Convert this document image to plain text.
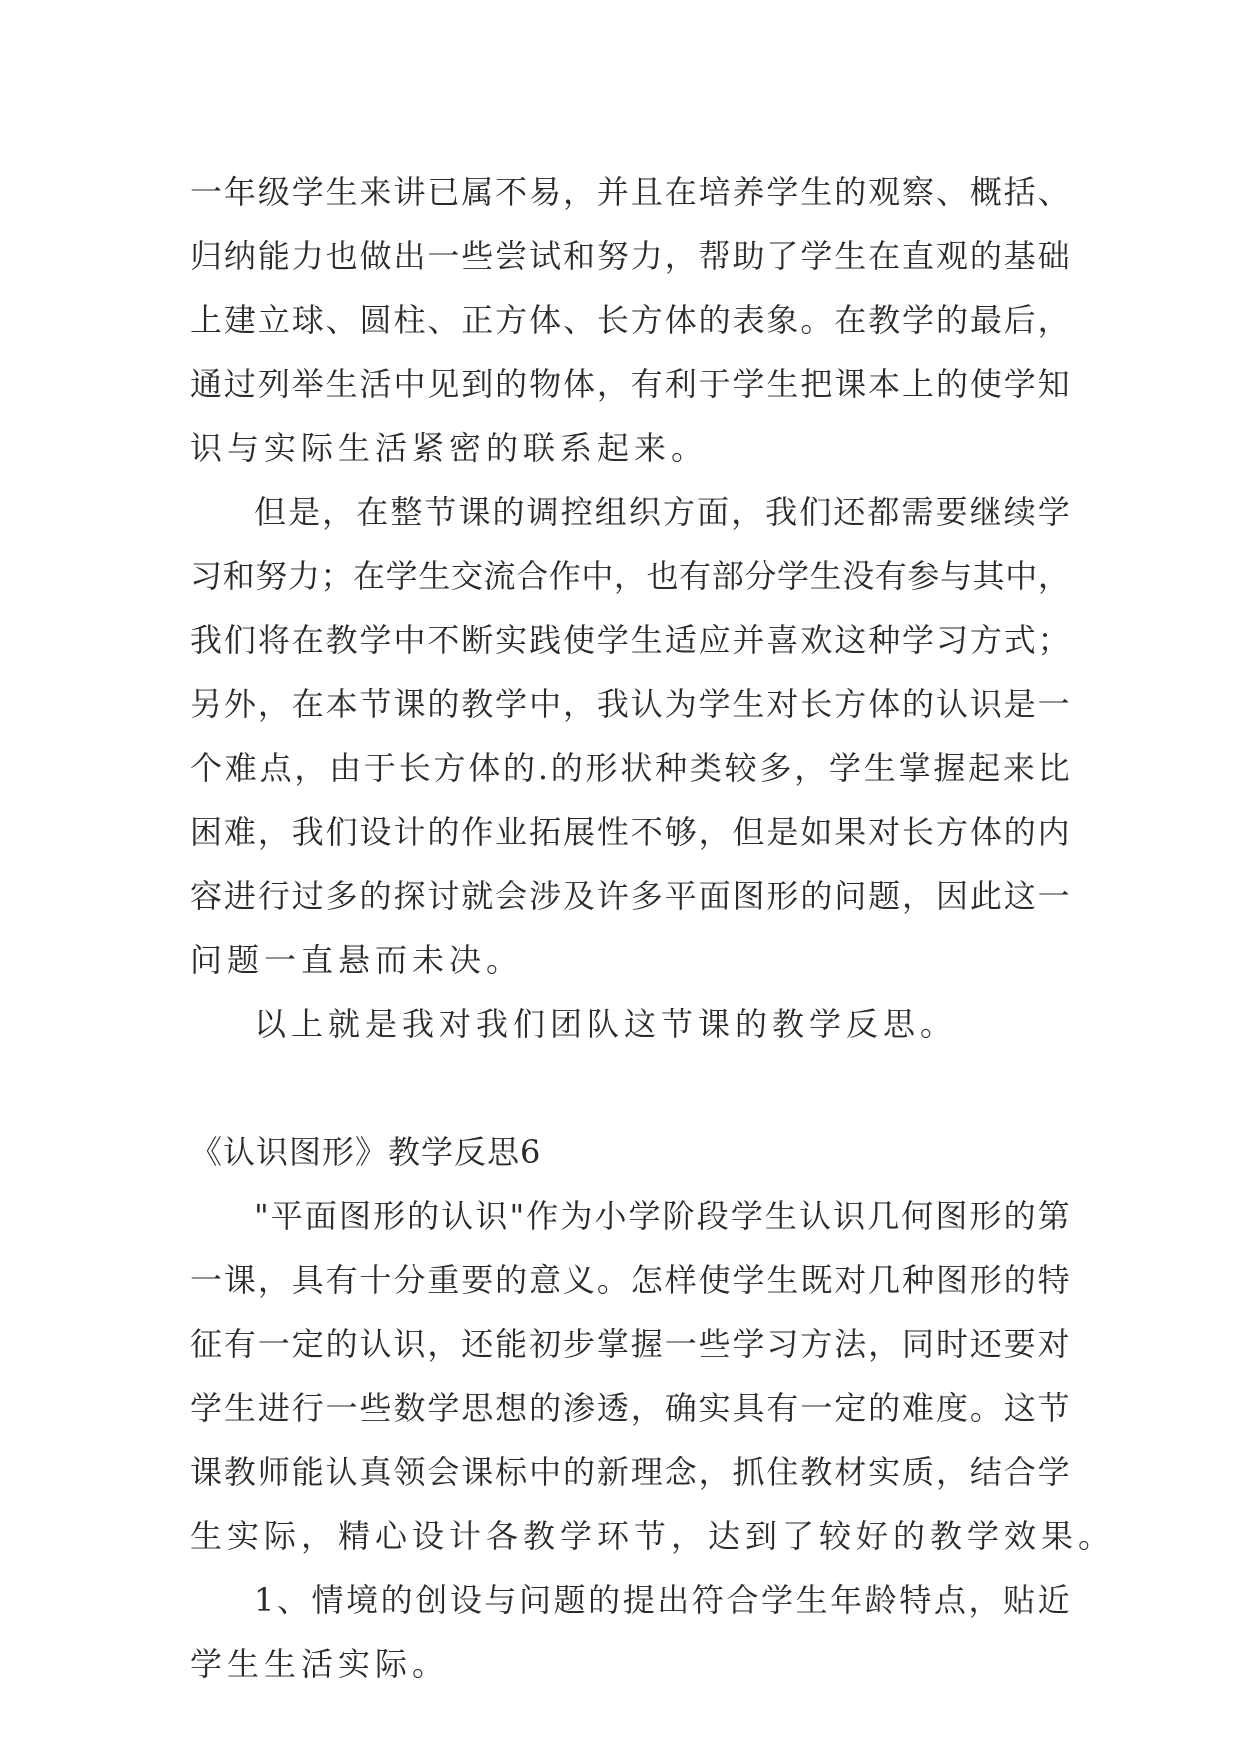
一 年 级 学 生 来 讲 已 属 不 易 ， 并 且 在 培 养 学 生 的 观 察 、 概 括 、
归 纳 能 力 也 做 出 一 些 尝 试 和 努 力 ， 帮 助 了 学 生 在 直 观 的 基 础
上 建 立 球 、 圆 柱 、 正 方 体 、 长 方 体 的 表 象 。 在 教 学 的 最 后 ，
通 过 列 举 生 活 中 见 到 的 物 体 ， 有 利 于 学 生 把 课 本 上 的 使 学 知
识与实际生活紧密的联系起来。
但 是 ， 在 整 节 课 的 调 控 组 织 方 面 ， 我 们 还 都 需 要 继 续 学
习 和 努 力 ； 在 学 生 交 流 合 作 中 ， 也 有 部 分 学 生 没 有 参 与 其 中 ，
我 们 将 在 教 学 中 不 断 实 践 使 学 生 适 应 并 喜 欢 这 种 学 习 方 式 ；
另 外 ， 在 本 节 课 的 教 学 中 ， 我 认 为 学 生 对 长 方 体 的 认 识 是 一
个 难 点 ， 由 于 长 方 体 的 . 的 形 状 种 类 较 多 ， 学 生 掌 握 起 来 比
困 难 ， 我 们 设 计 的 作 业 拓 展 性 不 够 ， 但 是 如 果 对 长 方 体 的 内
容 进 行 过 多 的 探 讨 就 会 涉 及 许 多 平 面 图 形 的 问 题 ， 因 此 这 一
问题一直悬而未决。
以上就是我对我们团队这节课的教学反思。
《认识图形》教学反思6
" 平 面 图 形 的 认 识 " 作 为 小 学 阶 段 学 生 认 识 几 何 图 形 的 第
一 课 ， 具 有 十 分 重 要 的 意 义 。 怎 样 使 学 生 既 对 几 种 图 形 的 特
征 有 一 定 的 认 识 ， 还 能 初 步 掌 握 一 些 学 习 方 法 ， 同 时 还 要 对
学 生 进 行 一 些 数 学 思 想 的 渗 透 ， 确 实 具 有 一 定 的 难 度 。 这 节
课 教 师 能 认 真 领 会 课 标 中 的 新 理 念 ， 抓 住 教 材 实 质 ， 结 合 学
生实际，精心设计各教学环节，达到了较好的教学效果。
1 、 情 境 的 创 设 与 问 题 的 提 出 符 合 学 生 年 龄 特 点 ， 贴 近
学生生活实际。
